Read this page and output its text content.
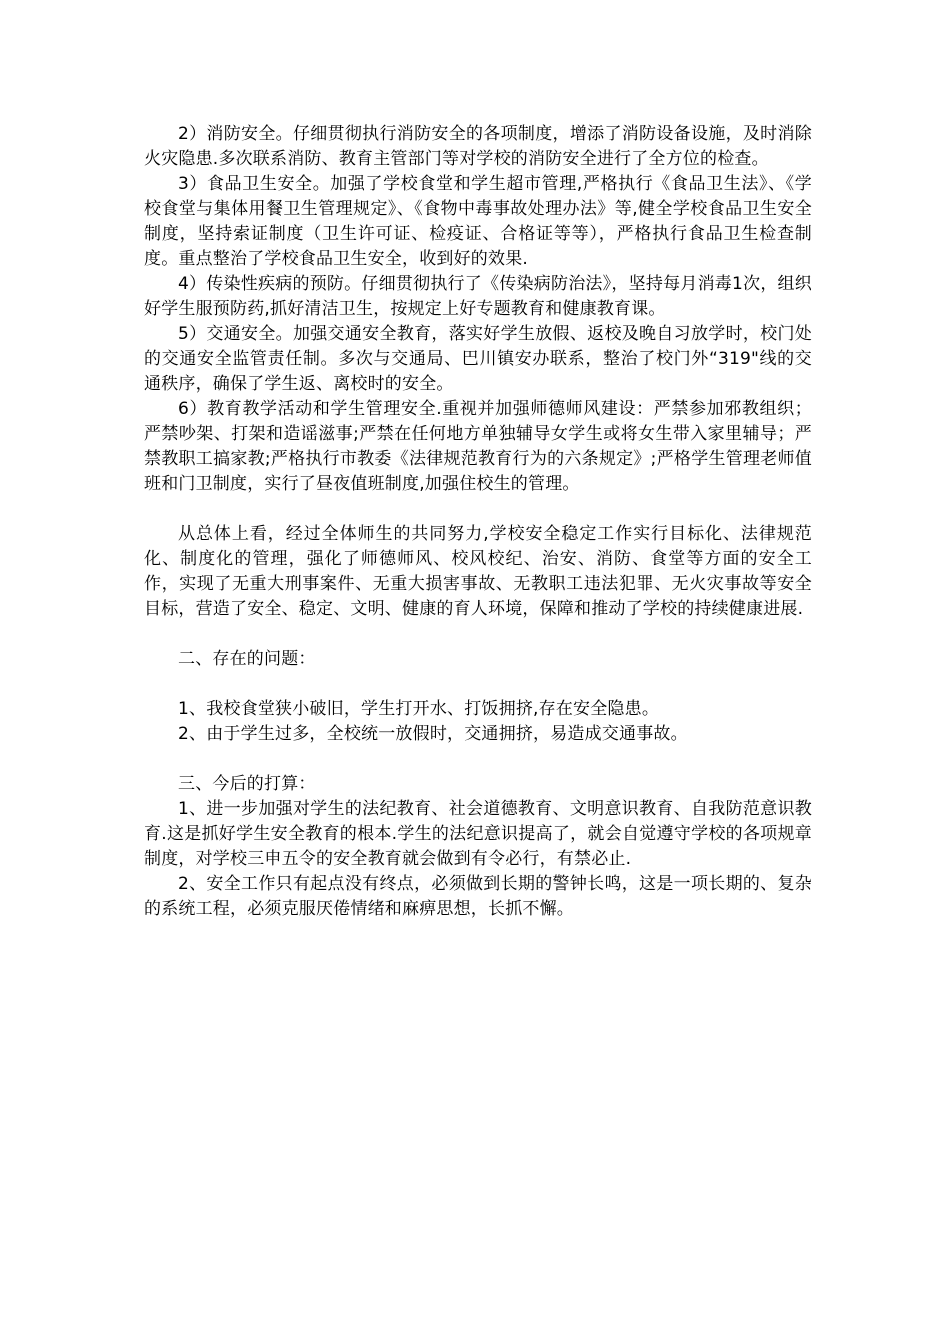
2）消防安全。仔细贯彻执行消防安全的各项制度，增添了消防设备设施，及时消除火灾隐患.多次联系消防、教育主管部门等对学校的消防安全进行了全方位的检查。

3）食品卫生安全。加强了学校食堂和学生超市管理,严格执行《食品卫生法》、《学校食堂与集体用餐卫生管理规定》、《食物中毒事故处理办法》等,健全学校食品卫生安全制度，坚持索证制度（卫生许可证、检疫证、合格证等等），严格执行食品卫生检查制度。重点整治了学校食品卫生安全，收到好的效果.

4）传染性疾病的预防。仔细贯彻执行了《传染病防治法》，坚持每月消毒1次，组织好学生服预防药,抓好清洁卫生，按规定上好专题教育和健康教育课。

5）交通安全。加强交通安全教育，落实好学生放假、返校及晚自习放学时，校门处的交通安全监管责任制。多次与交通局、巴川镇安办联系，整治了校门外“319"线的交通秩序，确保了学生返、离校时的安全。

6）教育教学活动和学生管理安全.重视并加强师德师风建设：严禁参加邪教组织；严禁吵架、打架和造谣滋事;严禁在任何地方单独辅导女学生或将女生带入家里辅导；严禁教职工搞家教;严格执行市教委《法律规范教育行为的六条规定》;严格学生管理老师值班和门卫制度，实行了昼夜值班制度,加强住校生的管理。

从总体上看，经过全体师生的共同努力,学校安全稳定工作实行目标化、法律规范化、制度化的管理，强化了师德师风、校风校纪、治安、消防、食堂等方面的安全工作，实现了无重大刑事案件、无重大损害事故、无教职工违法犯罪、无火灾事故等安全目标，营造了安全、稳定、文明、健康的育人环境，保障和推动了学校的持续健康进展.

二、存在的问题：

1、我校食堂狭小破旧，学生打开水、打饭拥挤,存在安全隐患。

2、由于学生过多，全校统一放假时，交通拥挤，易造成交通事故。

三、今后的打算：

1、进一步加强对学生的法纪教育、社会道德教育、文明意识教育、自我防范意识教育.这是抓好学生安全教育的根本.学生的法纪意识提高了，就会自觉遵守学校的各项规章制度，对学校三申五令的安全教育就会做到有令必行，有禁必止.

2、安全工作只有起点没有终点，必须做到长期的警钟长鸣，这是一项长期的、复杂的系统工程，必须克服厌倦情绪和麻痹思想，长抓不懈。
